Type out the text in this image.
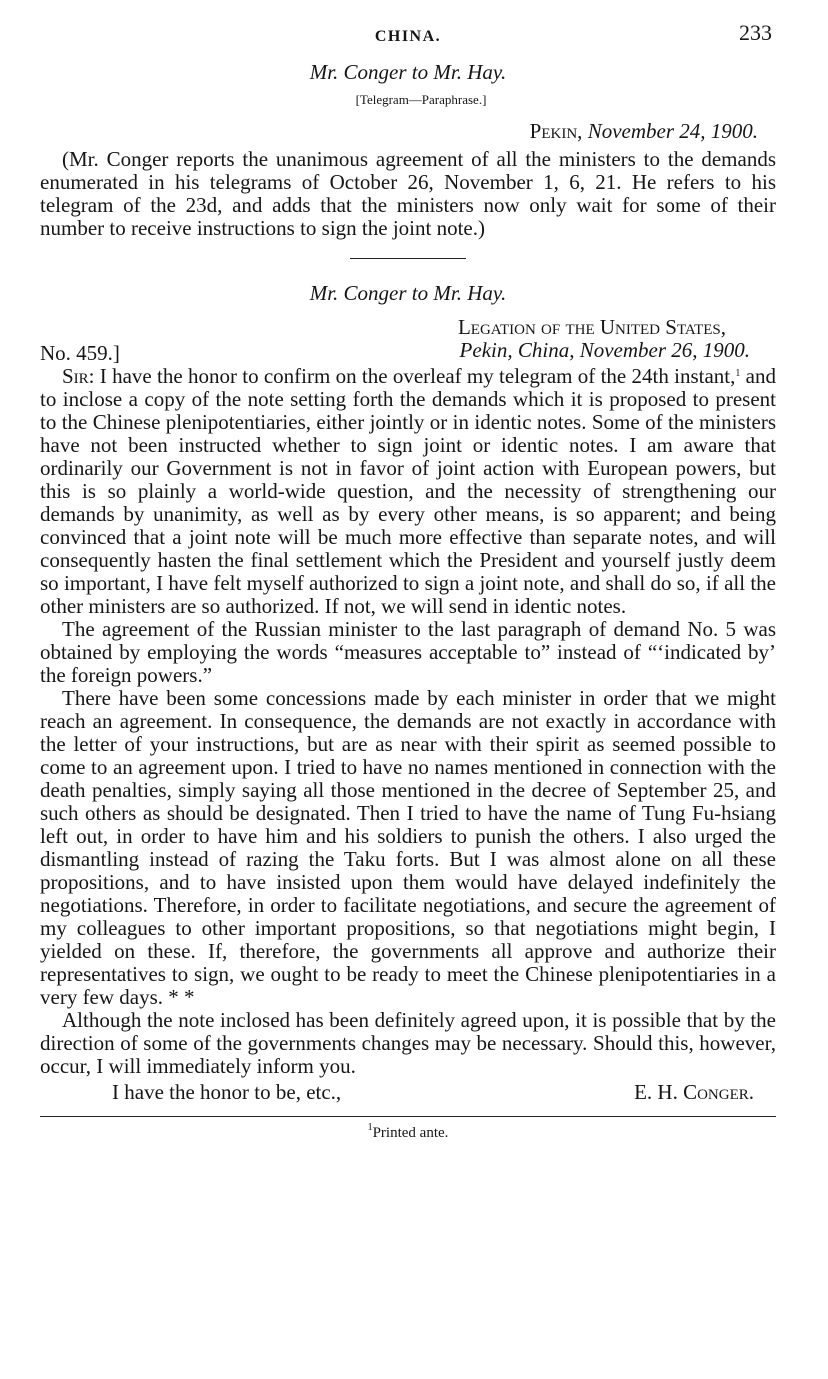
CHINA.	233

Mr. Conger to Mr. Hay.

[Telegram—Paraphrase.]

Pekin, November 24, 1900.

(Mr. Conger reports the unanimous agreement of all the ministers to the demands enumerated in his telegrams of October 26, November 1, 6, 21. He refers to his telegram of the 23d, and adds that the ministers now only wait for some of their number to receive instructions to sign the joint note.)

Mr. Conger to Mr. Hay.

Legation of the United States,

No. 459.]	Pekin, China, November 26, 1900.

Sir: I have the honor to confirm on the overleaf my telegram of the 24th instant,$^1$ and to inclose a copy of the note setting forth the demands which it is proposed to present to the Chinese plenipotentiaries, either jointly or in identic notes. Some of the ministers have not been instructed whether to sign joint or identic notes. I am aware that ordinarily our Government is not in favor of joint action with European powers, but this is so plainly a world-wide question, and the necessity of strengthening our demands by unanimity, as well as by every other means, is so apparent; and being convinced that a joint note will be much more effective than separate notes, and will consequently hasten the final settlement which the President and yourself justly deem so important, I have felt myself authorized to sign a joint note, and shall do so, if all the other ministers are so authorized. If not, we will send in identic notes.

The agreement of the Russian minister to the last paragraph of demand No. 5 was obtained by employing the words “measures acceptable to” instead of “‘indicated by’ the foreign powers.”

There have been some concessions made by each minister in order that we might reach an agreement. In consequence, the demands are not exactly in accordance with the letter of your instructions, but are as near with their spirit as seemed possible to come to an agreement upon. I tried to have no names mentioned in connection with the death penalties, simply saying all those mentioned in the decree of September 25, and such others as should be designated. Then I tried to have the name of Tung Fu-hsiang left out, in order to have him and his soldiers to punish the others. I also urged the dismantling instead of razing the Taku forts. But I was almost alone on all these propositions, and to have insisted upon them would have delayed indefinitely the negotiations. Therefore, in order to facilitate negotiations, and secure the agreement of my colleagues to other important propositions, so that negotiations might begin, I yielded on these. If, therefore, the governments all approve and authorize their representatives to sign, we ought to be ready to meet the Chinese plenipotentiaries in a very few days. * *

Although the note inclosed has been definitely agreed upon, it is possible that by the direction of some of the governments changes may be necessary. Should this, however, occur, I will immediately inform you.

I have the honor to be, etc.,	E. H. Conger.
$^1$Printed ante.
